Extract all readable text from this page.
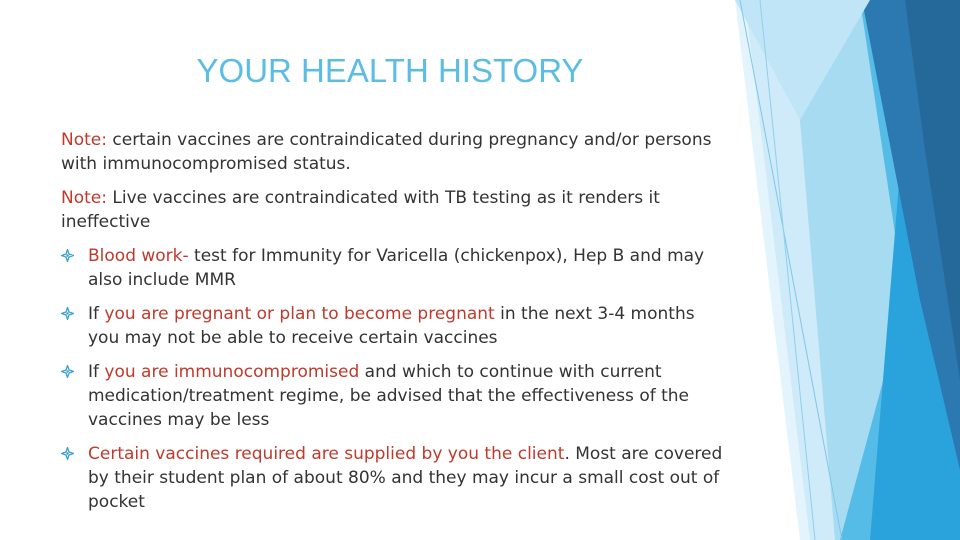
YOUR HEALTH HISTORY

Note: certain vaccines are contraindicated during pregnancy and/or persons with immunocompromised status.

Note: Live vaccines are contraindicated with TB testing as it renders it ineffective

Blood work- test for Immunity for Varicella (chickenpox), Hep B and may also include MMR
If you are pregnant or plan to become pregnant in the next 3-4 months you may not be able to receive certain vaccines
If you are immunocompromised and which to continue with current medication/treatment regime, be advised that the effectiveness of the vaccines may be less
Certain vaccines required are supplied by you the client. Most are covered by their student plan of about 80% and they may incur a small cost out of pocket
